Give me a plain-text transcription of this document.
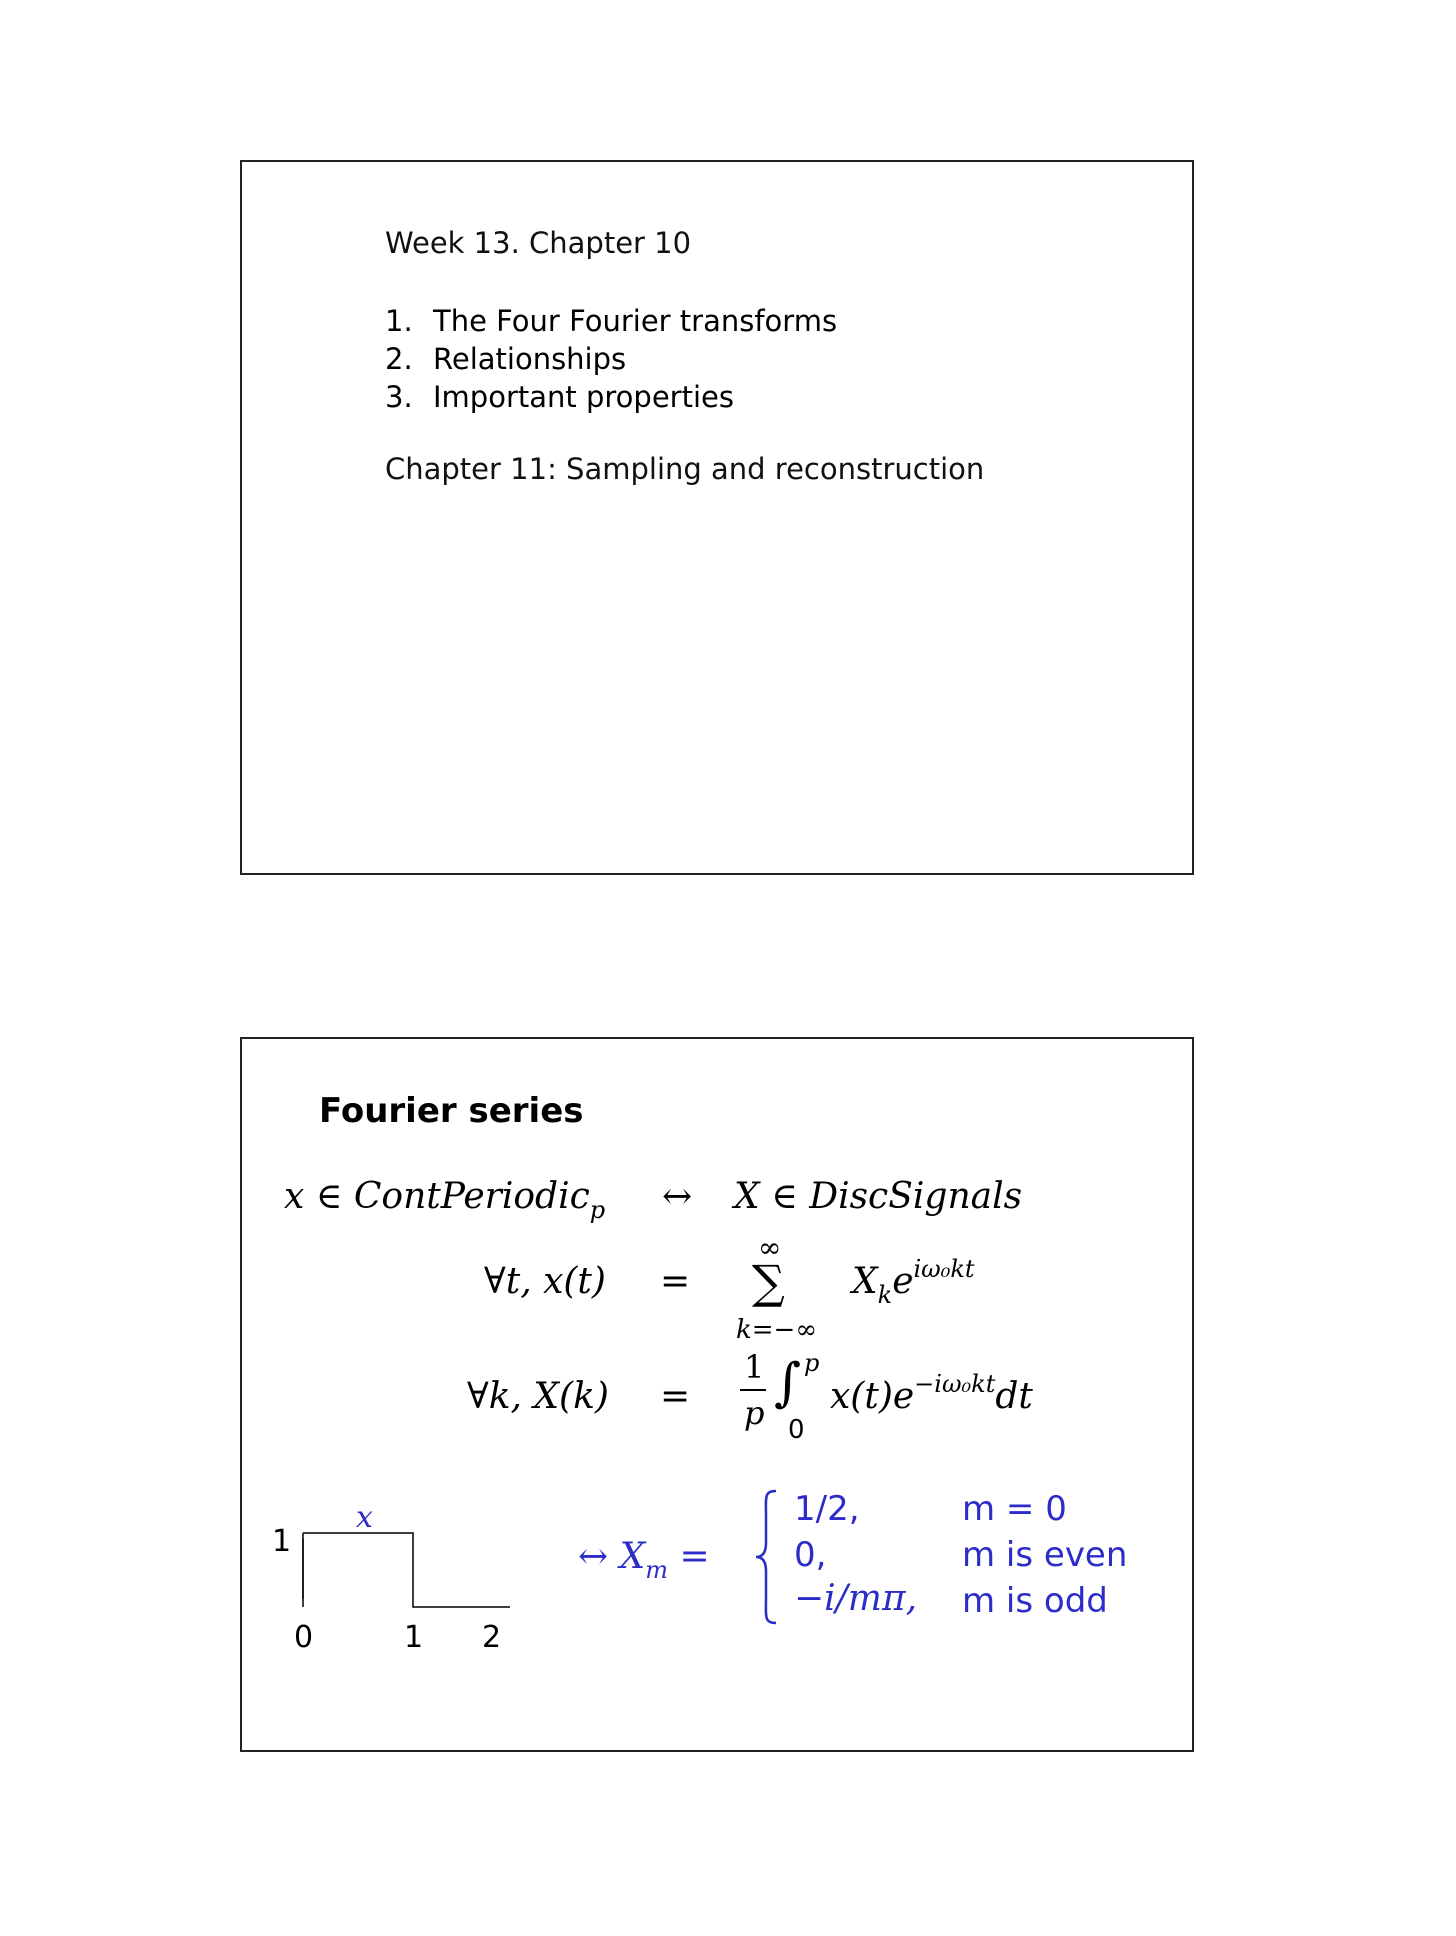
Week 13. Chapter 10
1. The Four Fourier transforms
2. Relationships
3. Important properties
Chapter 11: Sampling and reconstruction
Fourier series
x ∈ ContPeriodic$_p$ ↔ X ∈ DiscSignals
∀t, x(t) =
∞
∑
k=−∞
$X_ke^{i\omega_0kt}$
∀k, X(k) =
1
p ∫ p
0
$x(t)e^{-i\omega_0kt}dt$
x
1
0	1 2
↔ $X_m$ =
1/2,
0,
−i/mπ,
m = 0
m is even
m is odd
